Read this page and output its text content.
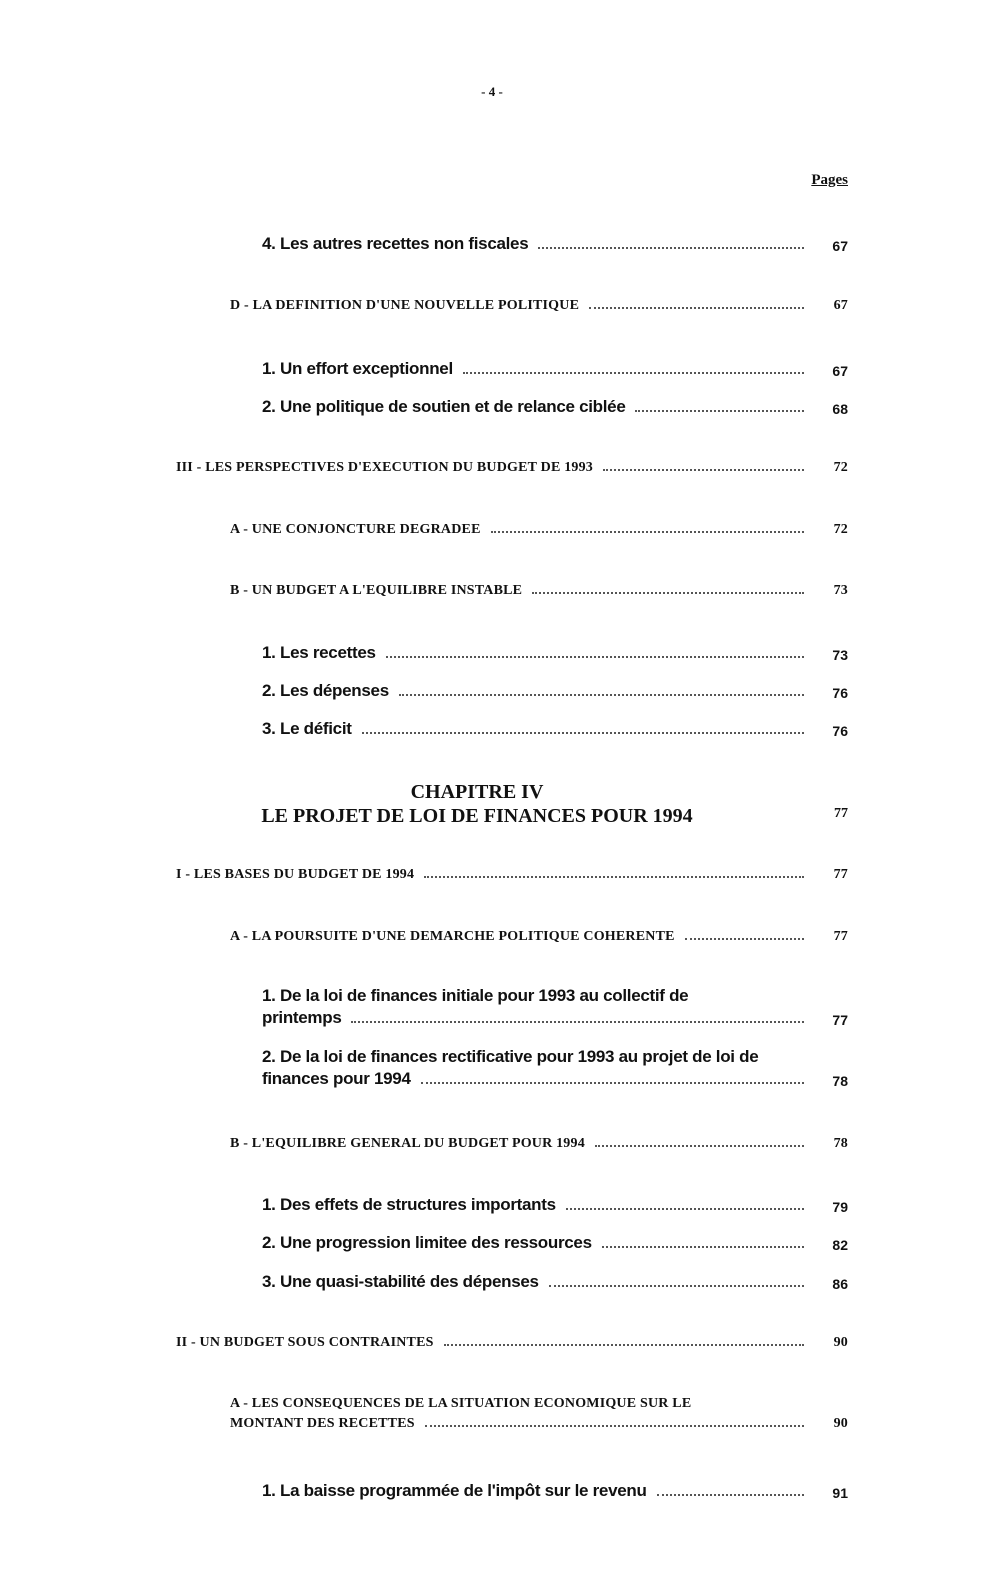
- 4 -
Pages
4. Les autres recettes non fiscales	67
D - LA DEFINITION D'UNE NOUVELLE POLITIQUE	67
1. Un effort exceptionnel	67
2. Une politique de soutien et de relance ciblée	68
III - LES PERSPECTIVES D'EXECUTION DU BUDGET DE 1993	72
A - UNE CONJONCTURE DEGRADEE	72
B - UN BUDGET A L'EQUILIBRE INSTABLE	73
1. Les recettes	73
2. Les dépenses	76
3. Le déficit	76
CHAPITRE IV
LE PROJET DE LOI DE FINANCES POUR 1994	77
I - LES BASES DU BUDGET DE 1994	77
A - LA POURSUITE D'UNE DEMARCHE POLITIQUE COHERENTE	77
1. De la loi de finances initiale pour 1993 au collectif de
printemps	77
2. De la loi de finances rectificative pour 1993 au projet de loi de
finances pour 1994	78
B - L'EQUILIBRE GENERAL DU BUDGET POUR 1994	78
1. Des effets de structures importants	79
2. Une progression limitee des ressources	82
3. Une quasi-stabilité des dépenses	86
II - UN BUDGET SOUS CONTRAINTES	90
A - LES CONSEQUENCES DE LA SITUATION ECONOMIQUE SUR LE
MONTANT DES RECETTES	90
1. La baisse programmée de l'impôt sur le revenu	91
